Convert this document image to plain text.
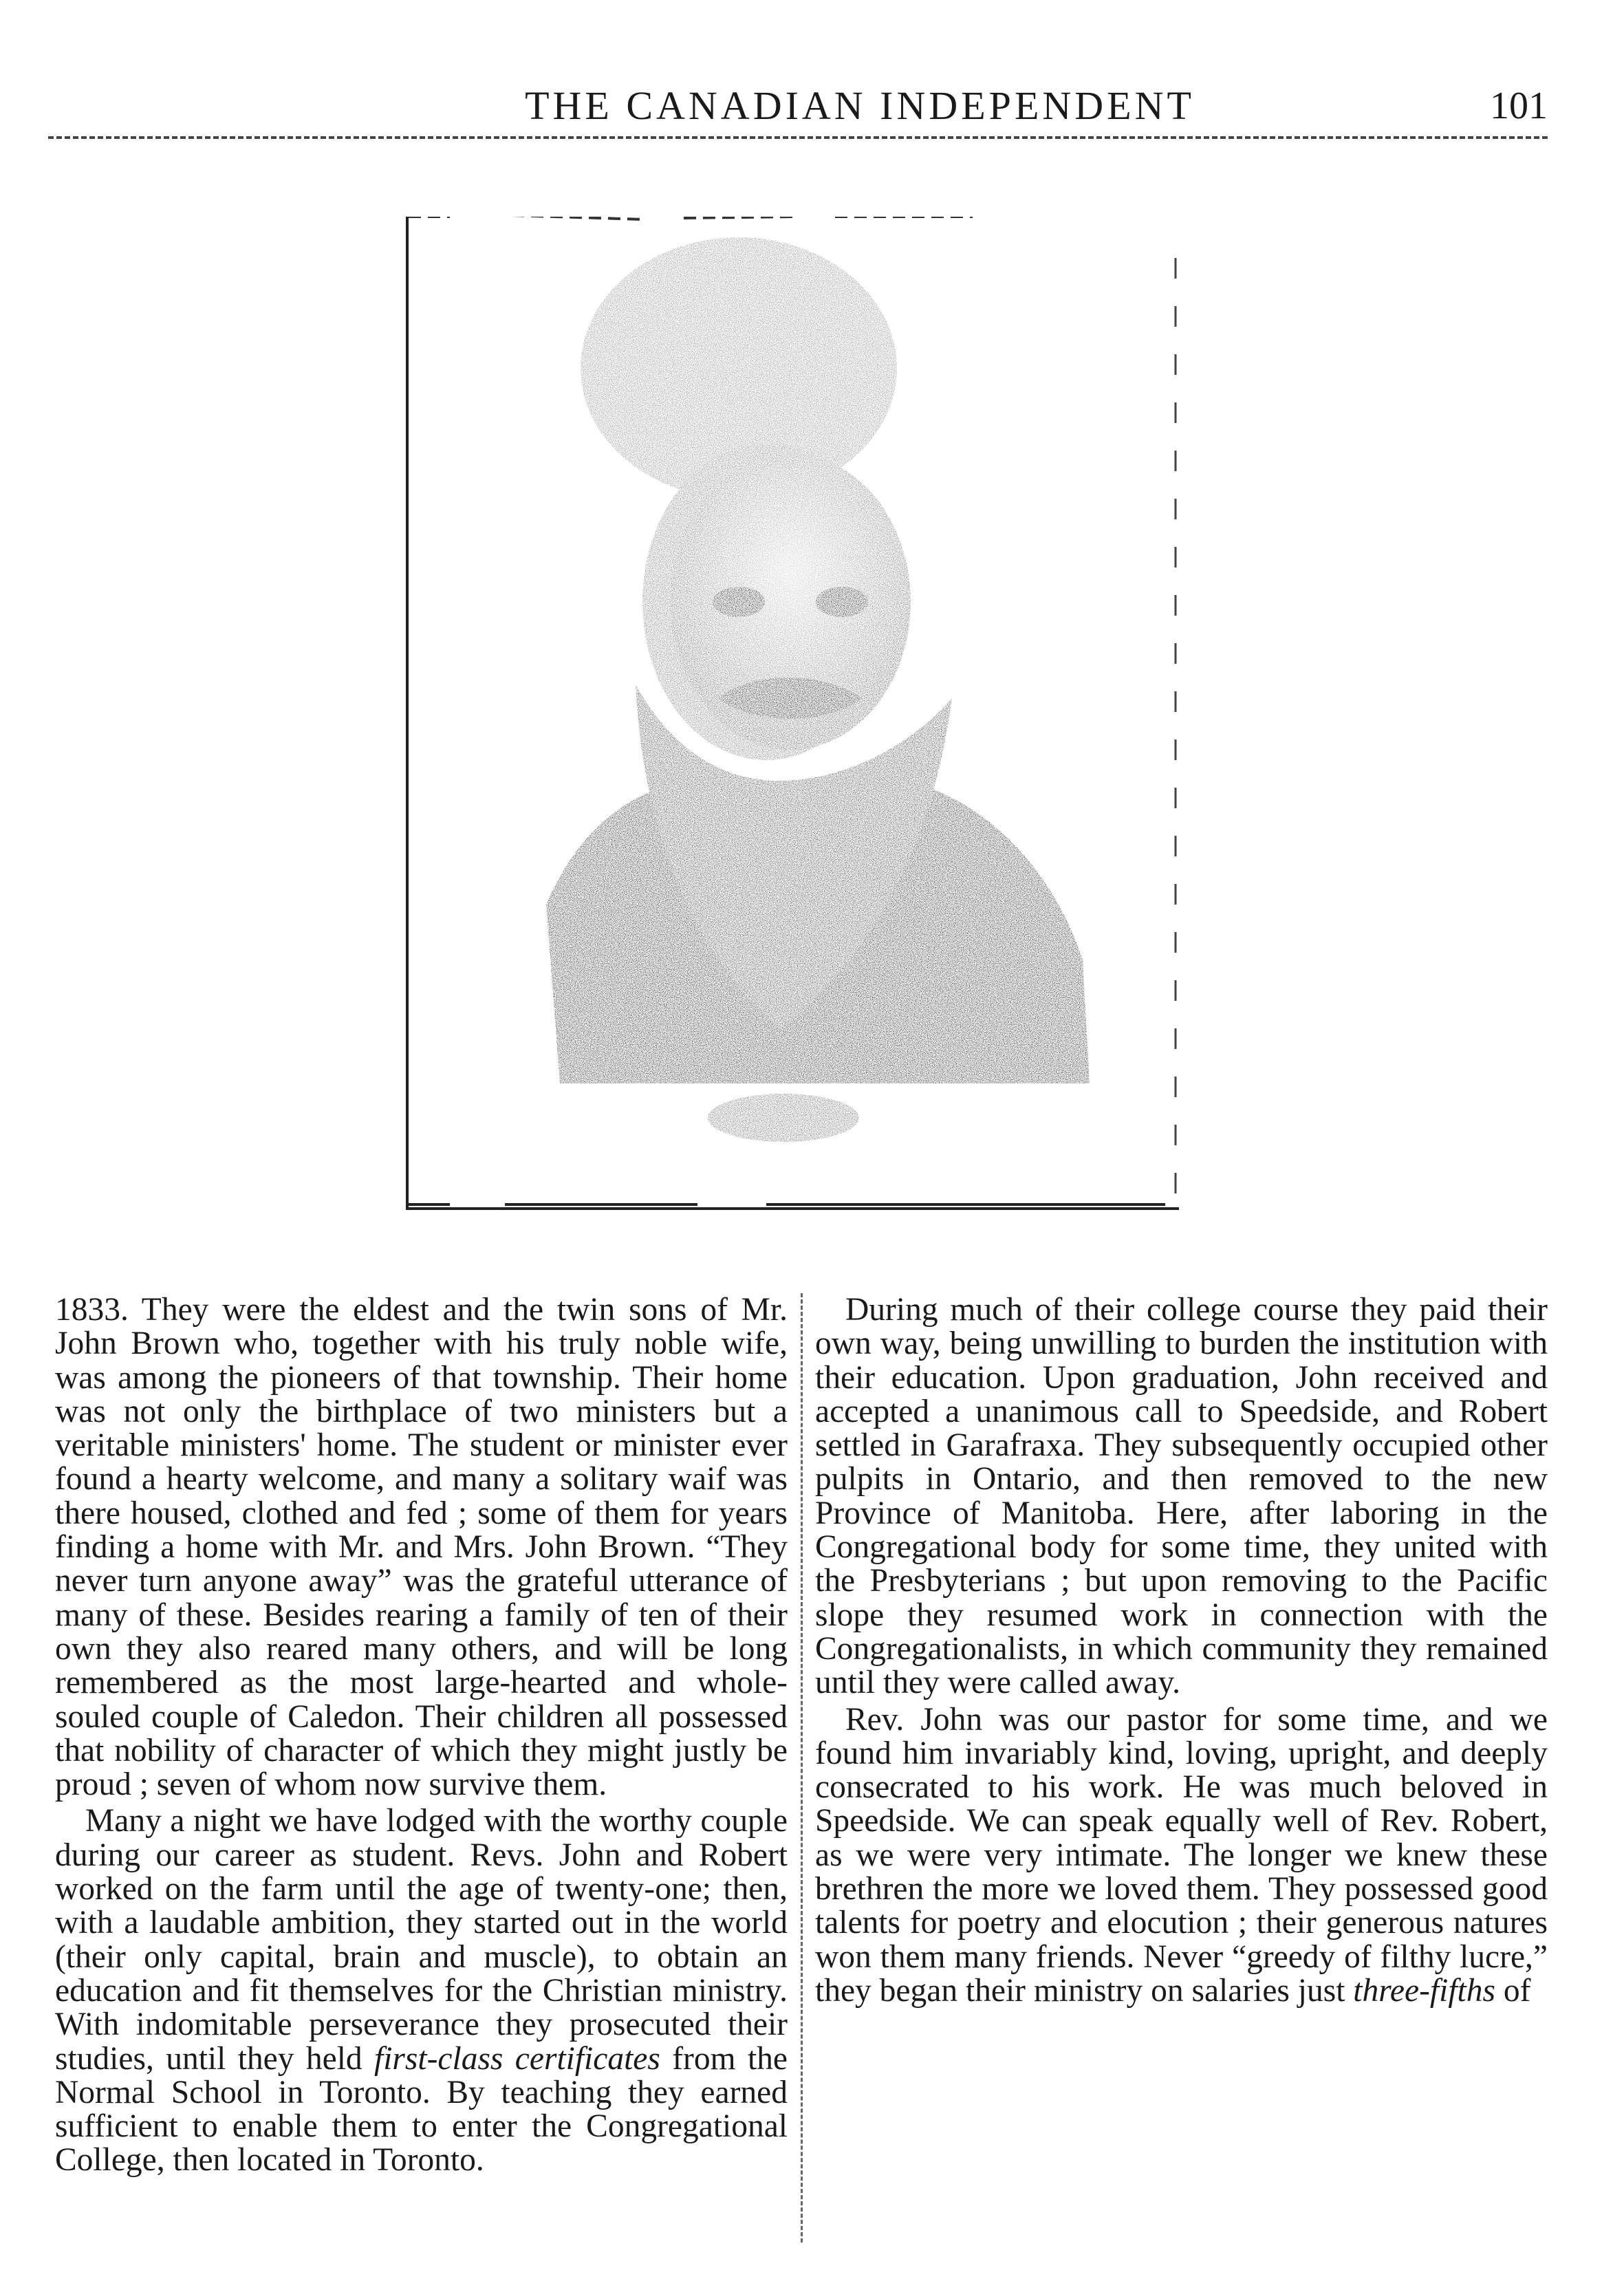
THE CANADIAN INDEPENDENT	101

1833. They were the eldest and the twin sons of Mr. John Brown who, together with his truly noble wife, was among the pioneers of that township. Their home was not only the birthplace of two ministers but a veritable ministers' home. The student or minister ever found a hearty welcome, and many a solitary waif was there housed, clothed and fed ; some of them for years finding a home with Mr. and Mrs. John Brown. “They never turn anyone away” was the grateful utterance of many of these. Besides rearing a family of ten of their own they also reared many others, and will be long remembered as the most large-hearted and whole-souled couple of Caledon. Their children all possessed that nobility of character of which they might justly be proud ; seven of whom now survive them.

Many a night we have lodged with the worthy couple during our career as student. Revs. John and Robert worked on the farm until the age of twenty-one; then, with a laudable ambition, they started out in the world (their only capital, brain and muscle), to obtain an education and fit themselves for the Christian ministry. With indomitable perseverance they prosecuted their studies, until they held first-class certificates from the Normal School in Toronto. By teaching they earned sufficient to enable them to enter the Congregational College, then located in Toronto.

During much of their college course they paid their own way, being unwilling to burden the institution with their education. Upon graduation, John received and accepted a unanimous call to Speedside, and Robert settled in Garafraxa. They subsequently occupied other pulpits in Ontario, and then removed to the new Province of Manitoba. Here, after laboring in the Congregational body for some time, they united with the Presbyterians ; but upon removing to the Pacific slope they resumed work in connection with the Congregationalists, in which community they remained until they were called away.

Rev. John was our pastor for some time, and we found him invariably kind, loving, upright, and deeply consecrated to his work. He was much beloved in Speedside. We can speak equally well of Rev. Robert, as we were very intimate. The longer we knew these brethren the more we loved them. They possessed good talents for poetry and elocution ; their generous natures won them many friends. Never “greedy of filthy lucre,” they began their ministry on salaries just three-fifths of
